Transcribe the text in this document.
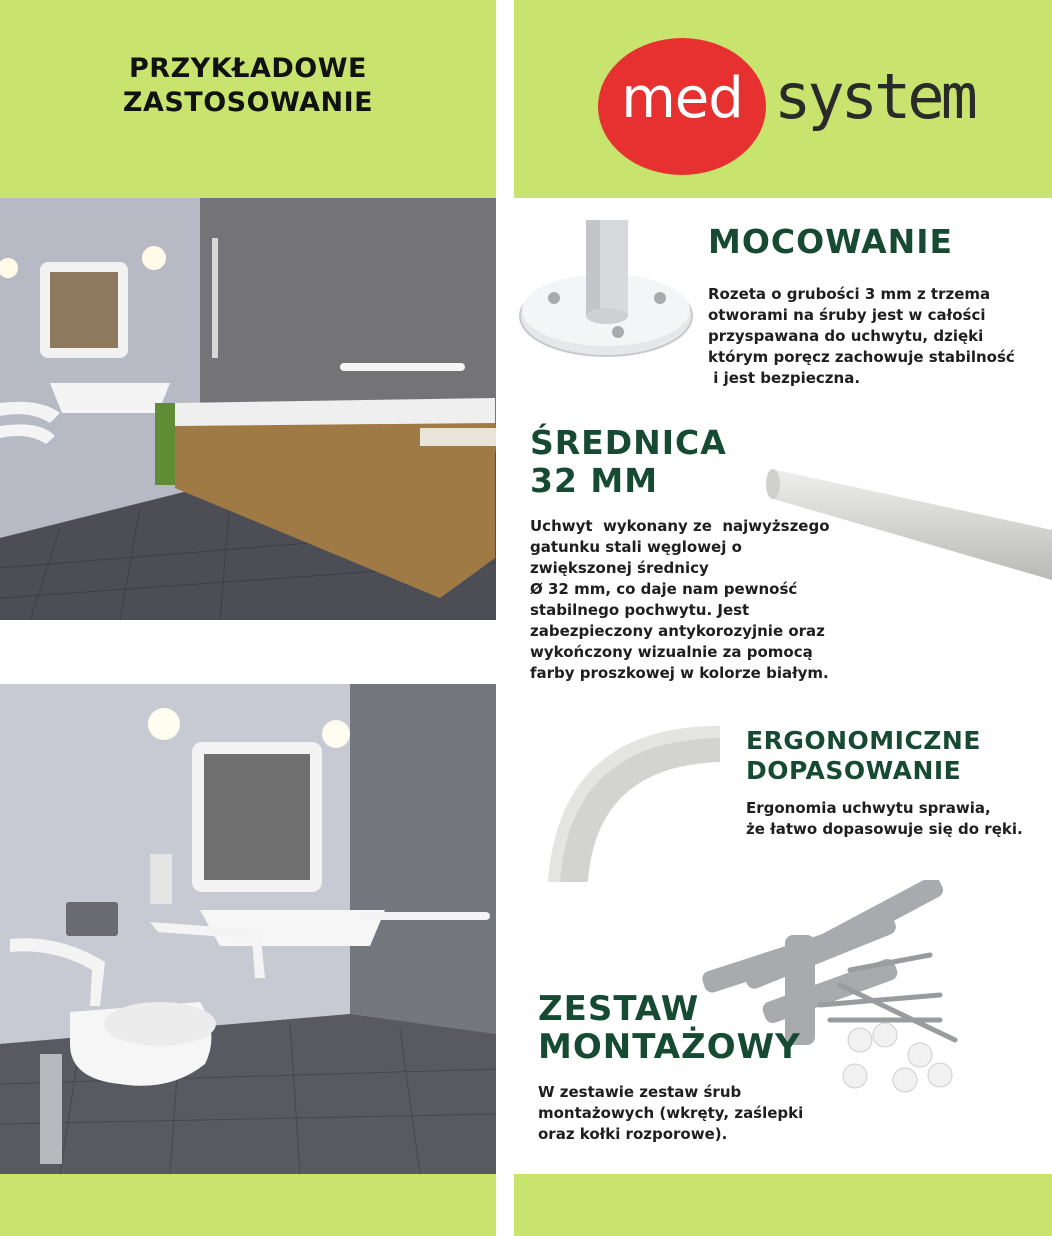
PRZYKŁADOWE
ZASTOSOWANIE	med system
MOCOWANIE
Rozeta o grubości 3 mm z trzema
otworami na śruby jest w całości
przyspawana do uchwytu, dzięki
którym poręcz zachowuje stabilność
i jest bezpieczna.
ŚREDNICA
32 MM
Uchwyt  wykonany ze  najwyższego
gatunku stali węglowej o
zwiększonej średnicy
Ø 32 mm, co daje nam pewność
stabilnego pochwytu. Jest
zabezpieczony antykorozyjnie oraz
wykończony wizualnie za pomocą
farby proszkowej w kolorze białym.
ERGONOMICZNE
DOPASOWANIE
Ergonomia uchwytu sprawia,
że łatwo dopasowuje się do ręki.
ZESTAW
MONTAŻOWY
W zestawie zestaw śrub
montażowych (wkręty, zaślepki
oraz kołki rozporowe).
